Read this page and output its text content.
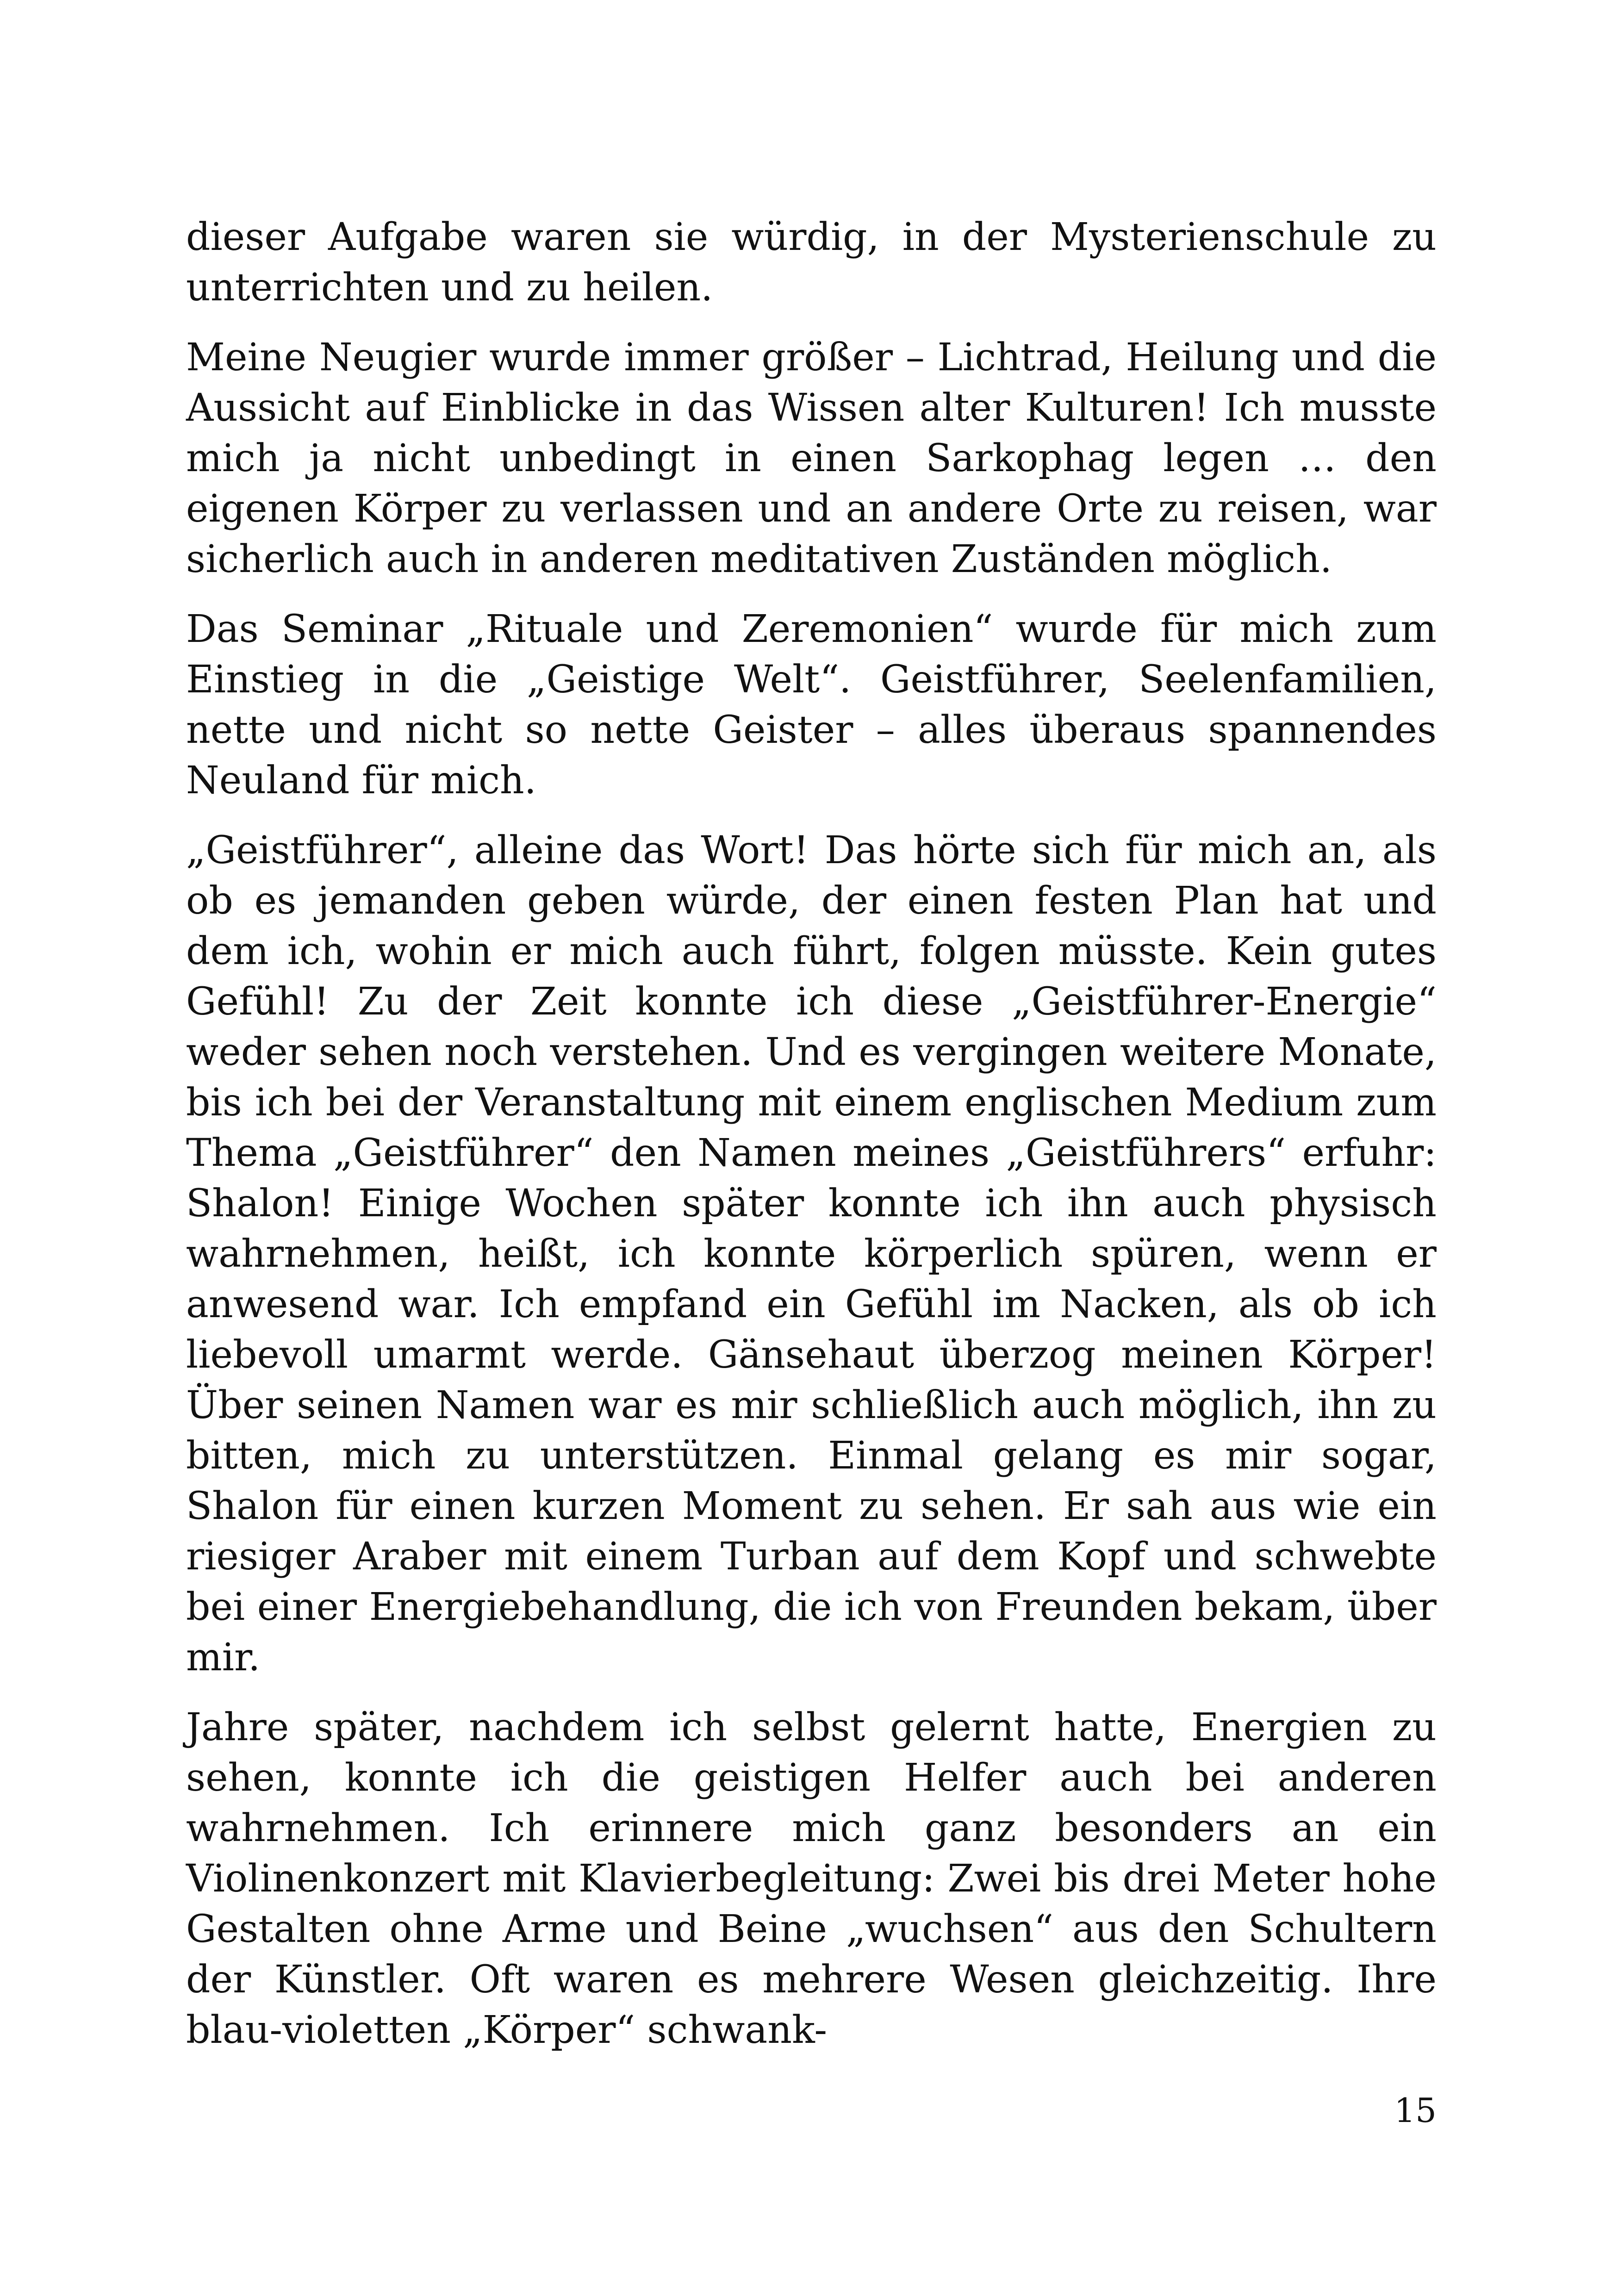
dieser Aufgabe waren sie würdig, in der Mysterienschule zu unterrichten und zu heilen.

Meine Neugier wurde immer größer – Lichtrad, Heilung und die Aussicht auf Einblicke in das Wissen alter Kulturen! Ich musste mich ja nicht unbedingt in einen Sarkophag legen … den eigenen Körper zu verlassen und an andere Orte zu reisen, war sicherlich auch in anderen meditativen Zuständen möglich.

Das Seminar „Rituale und Zeremonien“ wurde für mich zum Einstieg in die „Geistige Welt“. Geistführer, Seelenfamilien, nette und nicht so nette Geister – alles überaus spannendes Neuland für mich.

„Geistführer“, alleine das Wort! Das hörte sich für mich an, als ob es jemanden geben würde, der einen festen Plan hat und dem ich, wohin er mich auch führt, folgen müsste. Kein gutes Gefühl! Zu der Zeit konnte ich diese „Geistführer-Energie“ weder sehen noch verstehen. Und es vergingen weitere Monate, bis ich bei der Veranstaltung mit einem englischen Medium zum Thema „Geistführer“ den Namen meines „Geistführers“ erfuhr: Shalon! Einige Wochen später konnte ich ihn auch physisch wahrnehmen, heißt, ich konnte körperlich spüren, wenn er anwesend war. Ich empfand ein Gefühl im Nacken, als ob ich liebevoll umarmt werde. Gänsehaut überzog meinen Körper! Über seinen Namen war es mir schließlich auch möglich, ihn zu bitten, mich zu unterstützen. Einmal gelang es mir sogar, Shalon für einen kurzen Moment zu sehen. Er sah aus wie ein riesiger Araber mit einem Turban auf dem Kopf und schwebte bei einer Energiebehandlung, die ich von Freunden bekam, über mir.

Jahre später, nachdem ich selbst gelernt hatte, Energien zu sehen, konnte ich die geistigen Helfer auch bei anderen wahrnehmen. Ich erinnere mich ganz besonders an ein Violinenkonzert mit Klavierbegleitung: Zwei bis drei Meter hohe Gestalten ohne Arme und Beine „wuchsen“ aus den Schultern der Künstler. Oft waren es mehrere Wesen gleichzeitig. Ihre blau-violetten „Körper“ schwank-

15
